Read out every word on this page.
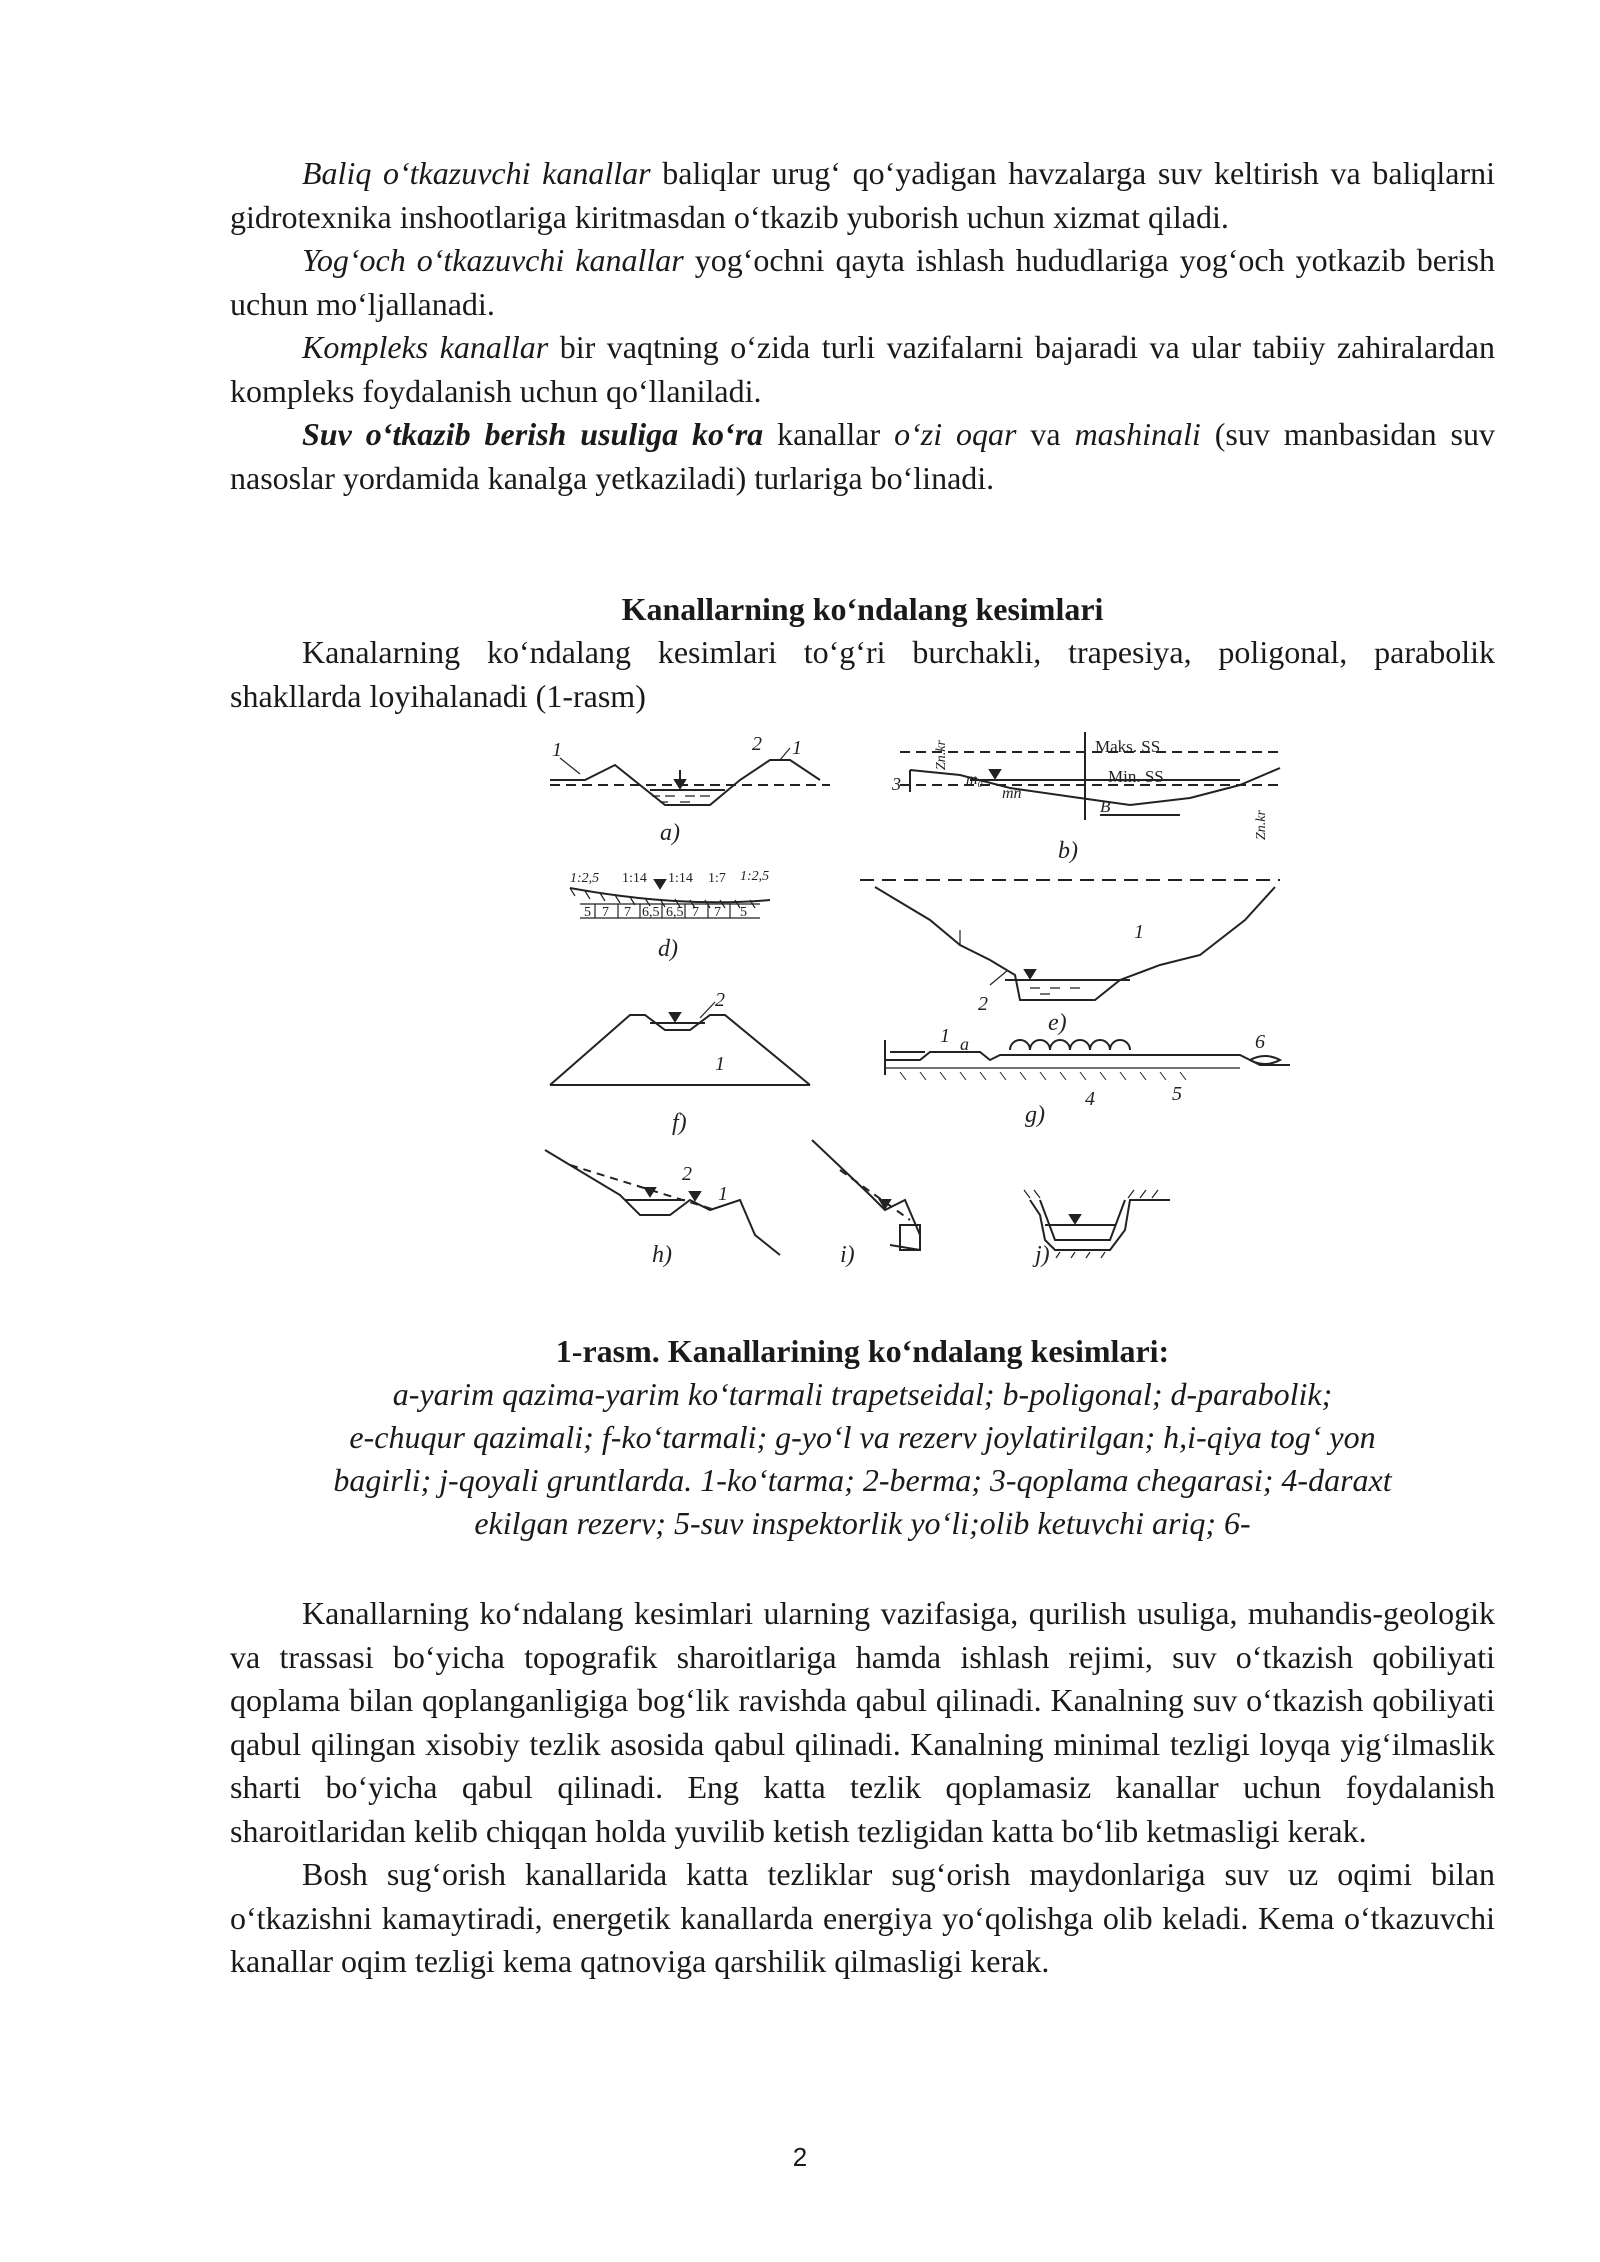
Baliq o‘tkazuvchi kanallar baliqlar urug‘ qo‘yadigan havzalarga suv keltirish va baliqlarni gidrotexnika inshootlariga kiritmasdan o‘tkazib yuborish uchun xizmat qiladi.

Yog‘och o‘tkazuvchi kanallar yog‘ochni qayta ishlash hududlariga yog‘och yotkazib berish uchun mo‘ljallanadi.

Kompleks kanallar bir vaqtning o‘zida turli vazifalarni bajaradi va ular tabiiy zahiralardan kompleks foydalanish uchun qo‘llaniladi.

Suv o‘tkazib berish usuliga ko‘ra kanallar o‘zi oqar va mashinali (suv manbasidan suv nasoslar yordamida kanalga yetkaziladi) turlariga bo‘linadi.

Kanallarning ko‘ndalang kesimlari

Kanalarning ko‘ndalang kesimlari to‘g‘ri burchakli, trapesiya, poligonal, parabolik shakllarda loyihalanadi (1-rasm)

1	2 1
a)
Maks. SS
Min. SS
B
m₀
mп
3
Zп.kr
Zп.kr
b)
1:2,5 1:14 1:14 1:7 1:2,5
5 7 7 6,5 6,5 7 7 5
d)
1
2
e)
2
1
f)
1 a
4	5
6
g)
2
1
h)	i)	j)

1-rasm. Kanallarining ko‘ndalang kesimlari:

a-yarim qazima-yarim ko‘tarmali trapetseidal; b-poligonal; d-parabolik;

e-chuqur qazimali; f-ko‘tarmali; g-yo‘l va rezerv joylatirilgan; h,i-qiya tog‘ yon

bagirli; j-qoyali gruntlarda. 1-ko‘tarma; 2-berma; 3-qoplama chegarasi; 4-daraxt

ekilgan rezerv; 5-suv inspektorlik yo‘li;olib ketuvchi ariq; 6-

Kanallarning ko‘ndalang kesimlari ularning vazifasiga, qurilish usuliga, muhandis-geologik va trassasi bo‘yicha topografik sharoitlariga hamda ishlash rejimi, suv o‘tkazish qobiliyati qoplama bilan qoplanganligiga bog‘lik ravishda qabul qilinadi. Kanalning suv o‘tkazish qobiliyati qabul qilingan xisobiy tezlik asosida qabul qilinadi. Kanalning minimal tezligi loyqa yig‘ilmaslik sharti bo‘yicha qabul qilinadi. Eng katta tezlik qoplamasiz kanallar uchun foydalanish sharoitlaridan kelib chiqqan holda yuvilib ketish tezligidan katta bo‘lib ketmasligi kerak.

Bosh sug‘orish kanallarida katta tezliklar sug‘orish maydonlariga suv uz oqimi bilan o‘tkazishni kamaytiradi, energetik kanallarda energiya yo‘qolishga olib keladi. Kema o‘tkazuvchi kanallar oqim tezligi kema qatnoviga qarshilik qilmasligi kerak.

2
